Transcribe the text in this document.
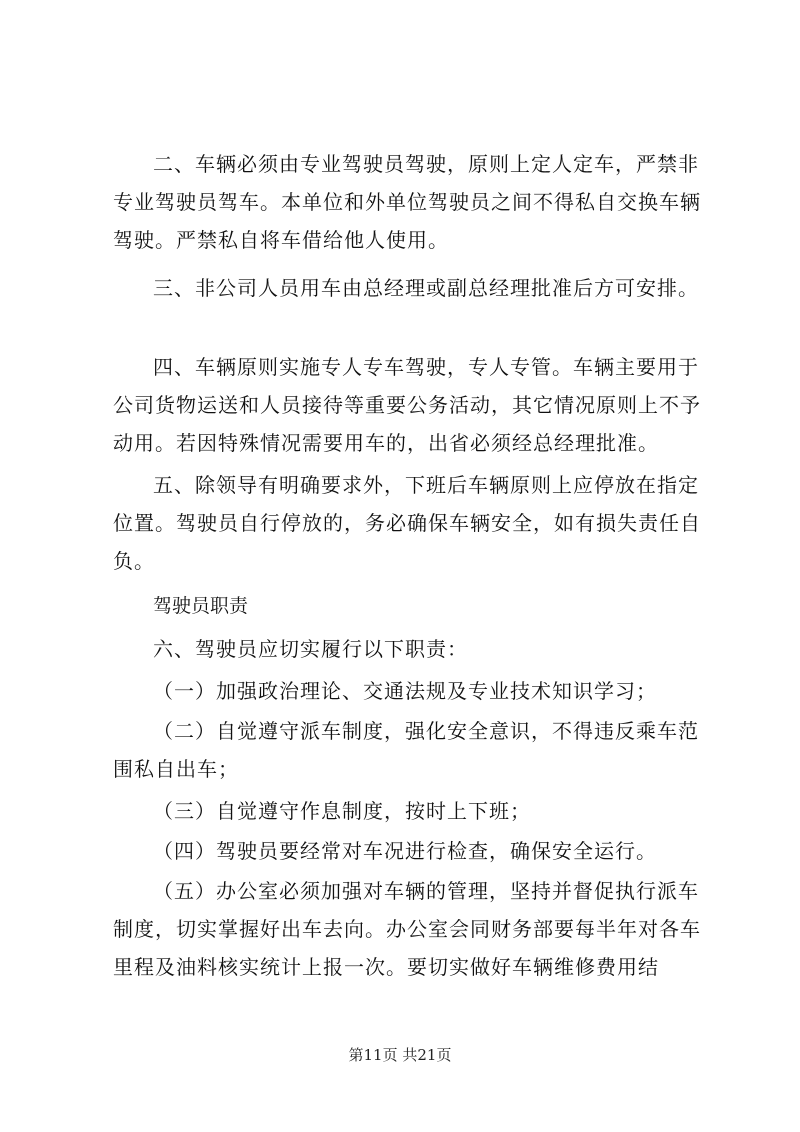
二、车辆必须由专业驾驶员驾驶，原则上定人定车，严禁非专业驾驶员驾车。本单位和外单位驾驶员之间不得私自交换车辆驾驶。严禁私自将车借给他人使用。

三、非公司人员用车由总经理或副总经理批准后方可安排。

四、车辆原则实施专人专车驾驶，专人专管。车辆主要用于公司货物运送和人员接待等重要公务活动，其它情况原则上不予动用。若因特殊情况需要用车的，出省必须经总经理批准。

五、除领导有明确要求外，下班后车辆原则上应停放在指定位置。驾驶员自行停放的，务必确保车辆安全，如有损失责任自负。

驾驶员职责

六、驾驶员应切实履行以下职责：

（一）加强政治理论、交通法规及专业技术知识学习；

（二）自觉遵守派车制度，强化安全意识，不得违反乘车范围私自出车；

（三）自觉遵守作息制度，按时上下班；

（四）驾驶员要经常对车况进行检查，确保安全运行。

（五）办公室必须加强对车辆的管理，坚持并督促执行派车制度，切实掌握好出车去向。办公室会同财务部要每半年对各车里程及油料核实统计上报一次。要切实做好车辆维修费用结

第11页 共21页
